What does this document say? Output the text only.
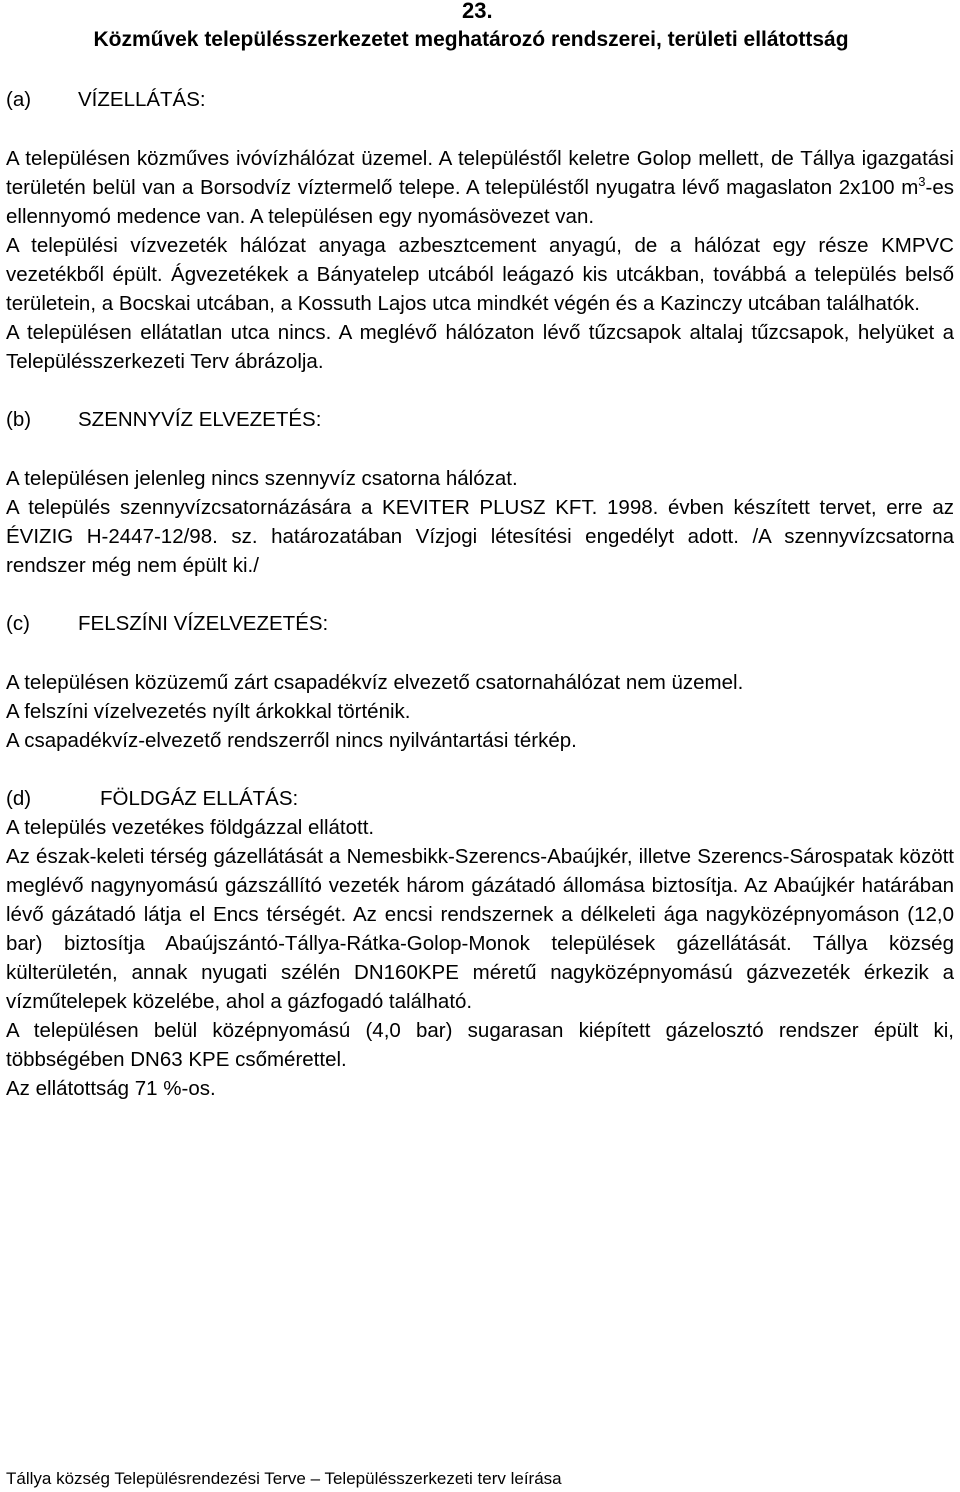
23.
Közművek településszerkezetet meghatározó rendszerei, területi ellátottság
(a)	VÍZELLÁTÁS:

A településen közműves ivóvízhálózat üzemel. A településtől keletre Golop mellett, de Tállya igazgatási területén belül van a Borsodvíz víztermelő telepe. A településtől nyugatra lévő magaslaton 2x100 $m^3-es$ ellennyomó medence van. A településen egy nyomásövezet van.

A települési vízvezeték hálózat anyaga azbesztcement anyagú, de a hálózat egy része KMPVC vezetékből épült. Ágvezetékek a Bányatelep utcából leágazó kis utcákban, továbbá a település belső területein, a Bocskai utcában, a Kossuth Lajos utca mindkét végén és a Kazinczy utcában találhatók.

A településen ellátatlan utca nincs. A meglévő hálózaton lévő tűzcsapok altalaj tűzcsapok, helyüket a Településszerkezeti Terv ábrázolja.

(b)	SZENNYVÍZ ELVEZETÉS:

A településen jelenleg nincs szennyvíz csatorna hálózat.

A település szennyvízcsatornázására a KEVITER PLUSZ KFT. 1998. évben készített tervet, erre az ÉVIZIG H-2447-12/98. sz. határozatában Vízjogi létesítési engedélyt adott. /A szennyvízcsatorna rendszer még nem épült ki./

(c)	FELSZÍNI VÍZELVEZETÉS:

A településen közüzemű zárt csapadékvíz elvezető csatornahálózat nem üzemel.

A felszíni vízelvezetés nyílt árkokkal történik.

A csapadékvíz-elvezető rendszerről nincs nyilvántartási térkép.

(d)	FÖLDGÁZ ELLÁTÁS:

A település vezetékes földgázzal ellátott.

Az észak-keleti térség gázellátását a Nemesbikk-Szerencs-Abaújkér, illetve Szerencs-Sárospatak között meglévő nagynyomású gázszállító vezeték három gázátadó állomása biztosítja. Az Abaújkér határában lévő gázátadó látja el Encs térségét. Az encsi rendszernek a délkeleti ága nagyközépnyomáson (12,0 bar) biztosítja Abaújszántó-Tállya-Rátka-Golop-Monok települések gázellátását. Tállya község külterületén, annak nyugati szélén DN160KPE méretű nagyközépnyomású gázvezeték érkezik a vízműtelepek közelébe, ahol a gázfogadó található.

A településen belül középnyomású (4,0 bar) sugarasan kiépített gázelosztó rendszer épült ki, többségében DN63 KPE csőmérettel.

Az ellátottság 71 %-os.

Tállya község Településrendezési Terve – Településszerkezeti terv leírása
